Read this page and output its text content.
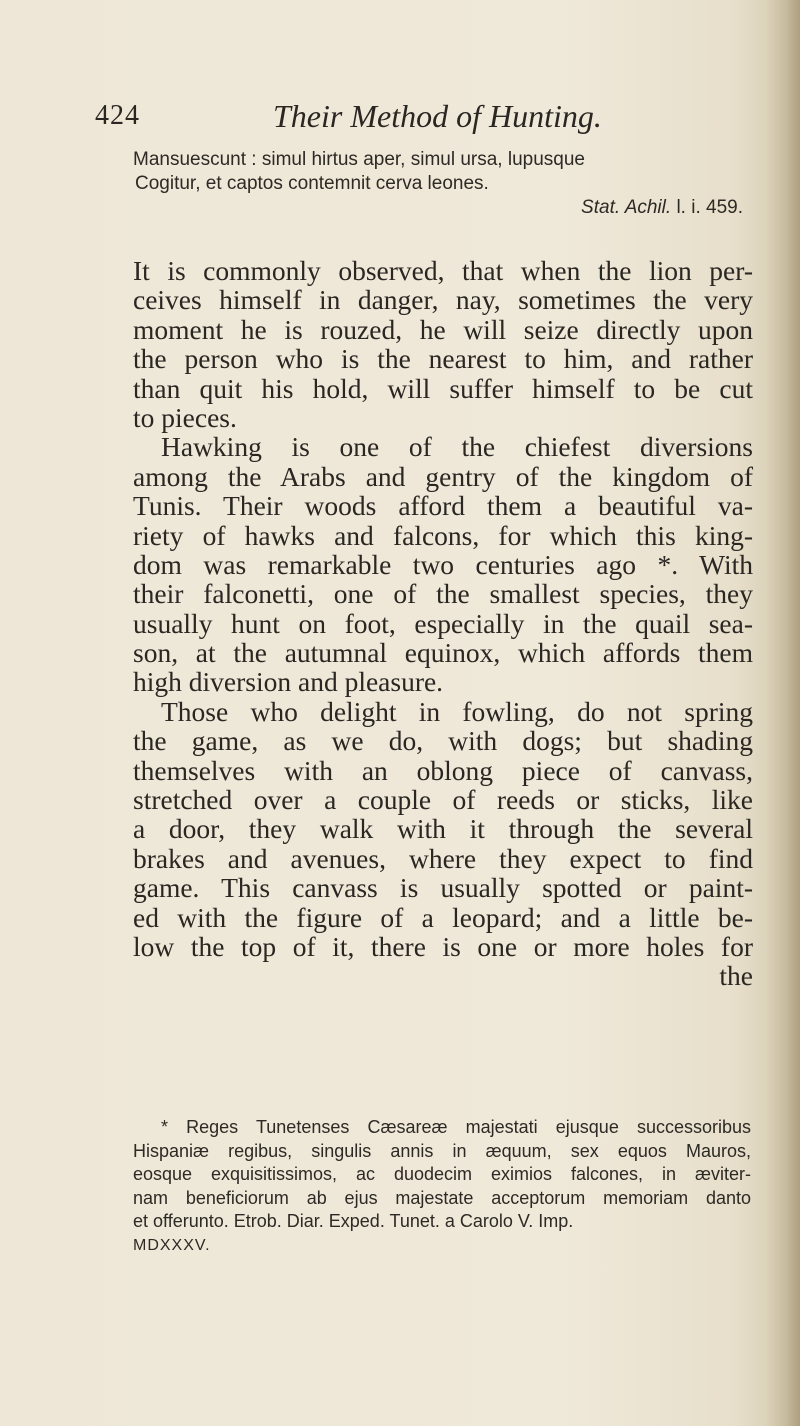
424	Their Method of Hunting.
Mansuescunt : simul hirtus aper, simul ursa, lupusque
Cogitur, et captos contemnit cerva leones.
Stat. Achil. l. i. 459.
It is commonly observed, that when the lion per-
ceives himself in danger, nay, sometimes the very
moment he is rouzed, he will seize directly upon
the person who is the nearest to him, and rather
than quit his hold, will suffer himself to be cut
to pieces.
Hawking is one of the chiefest diversions
among the Arabs and gentry of the kingdom of
Tunis. Their woods afford them a beautiful va-
riety of hawks and falcons, for which this king-
dom was remarkable two centuries ago *. With
their falconetti, one of the smallest species, they
usually hunt on foot, especially in the quail sea-
son, at the autumnal equinox, which affords them
high diversion and pleasure.
Those who delight in fowling, do not spring
the game, as we do, with dogs; but shading
themselves with an oblong piece of canvass,
stretched over a couple of reeds or sticks, like
a door, they walk with it through the several
brakes and avenues, where they expect to find
game. This canvass is usually spotted or paint-
ed with the figure of a leopard; and a little be-
low the top of it, there is one or more holes for
the
* Reges Tunetenses Cæsareæ majestati ejusque successoribus
Hispaniæ regibus, singulis annis in æquum, sex equos Mauros,
eosque exquisitissimos, ac duodecim eximios falcones, in æviter-
nam beneficiorum ab ejus majestate acceptorum memoriam danto
et offerunto. Etrob. Diar. Exped. Tunet. a Carolo V. Imp.
MDXXXV.
